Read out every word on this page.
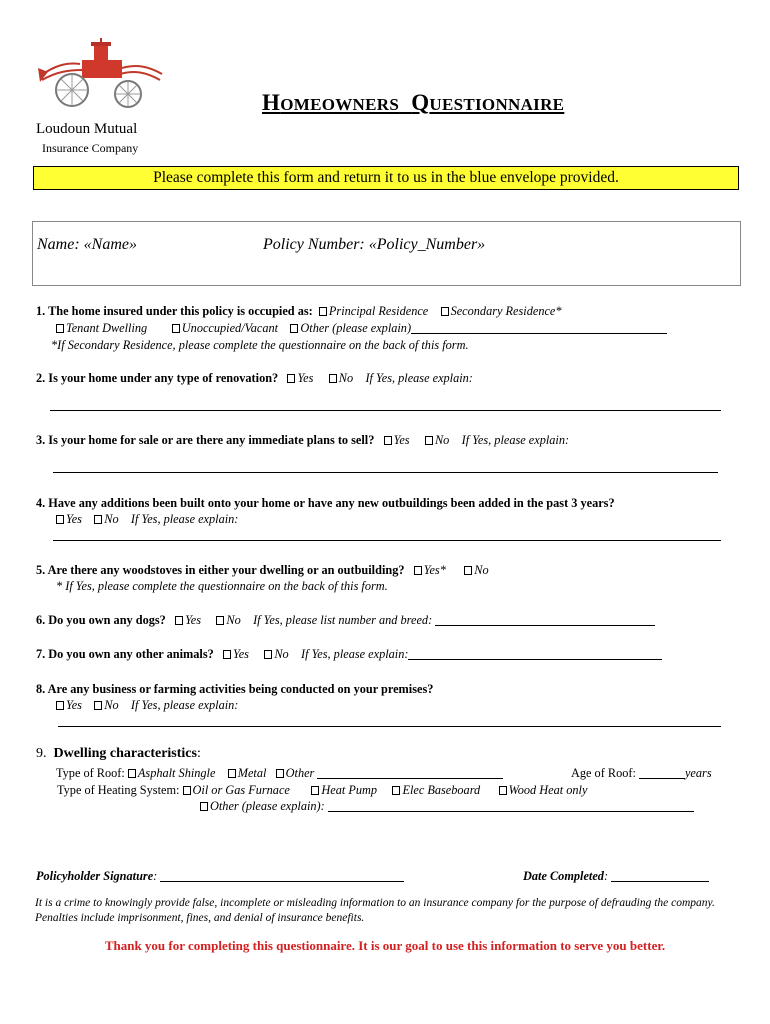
Loudoun Mutual
Insurance Company
HOMEOWNERS QUESTIONNAIRE
Please complete this form and return it to us in the blue envelope provided.
Name: «Name»	Policy Number: «Policy_Number»
1. The home insured under this policy is occupied as: Principal Residence Secondary Residence*
Tenant Dwelling	Unoccupied/Vacant Other (please explain)
*If Secondary Residence, please complete the questionnaire on the back of this form.
2. Is your home under any type of renovation? Yes No If Yes, please explain:
3. Is your home for sale or are there any immediate plans to sell? Yes No If Yes, please explain:
4. Have any additions been built onto your home or have any new outbuildings been added in the past 3 years?
Yes No If Yes, please explain:
5. Are there any woodstoves in either your dwelling or an outbuilding? Yes* No
* If Yes, please complete the questionnaire on the back of this form.
6. Do you own any dogs? Yes No If Yes, please list number and breed:
7. Do you own any other animals? Yes No If Yes, please explain:
8. Are any business or farming activities being conducted on your premises?
Yes No If Yes, please explain:
9. Dwelling characteristics:
Type of Roof: Asphalt Shingle Metal Other	Age of Roof:	years
Type of Heating System: Oil or Gas Furnace	Heat Pump Elec Baseboard Wood Heat only
Other (please explain):
Policyholder Signature:	Date Completed:
It is a crime to knowingly provide false, incomplete or misleading information to an insurance company for the purpose of defrauding the company. Penalties include imprisonment, fines, and denial of insurance benefits.
Thank you for completing this questionnaire. It is our goal to use this information to serve you better.
